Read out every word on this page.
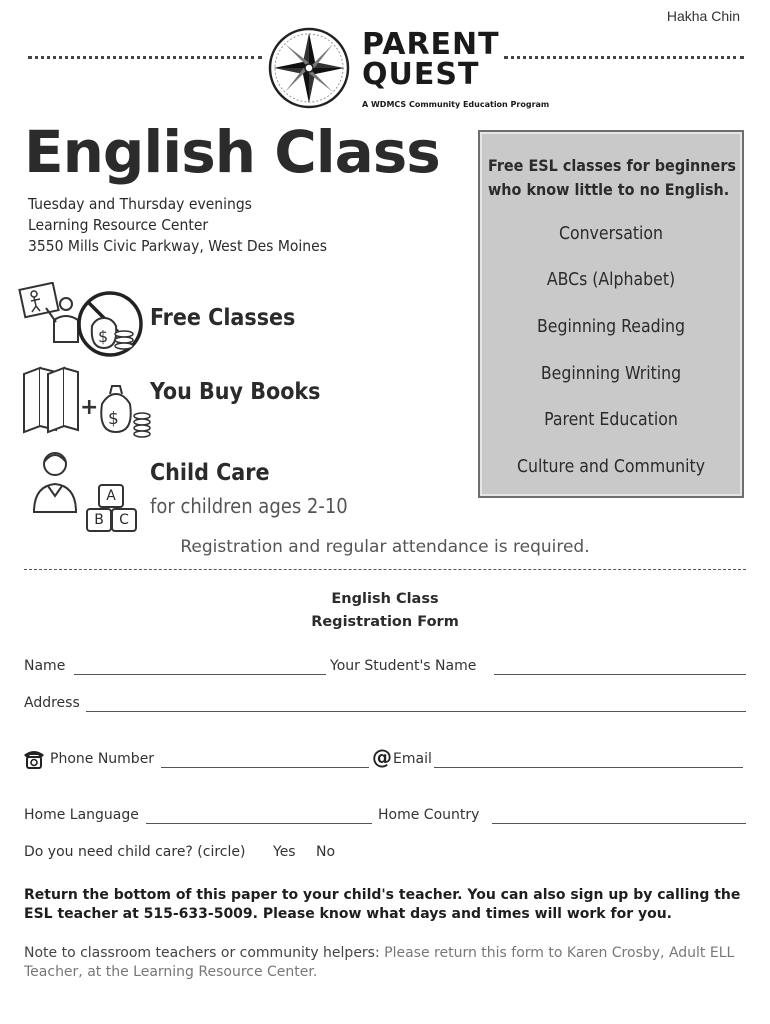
Hakha Chin
PARENT
QUEST
A WDMCS Community Education Program
English Class
Tuesday and Thursday evenings
Learning Resource Center
3550 Mills Civic Parkway, West Des Moines
$
Free Classes
+ $
You Buy Books
A
B	C
Child Care
for children ages 2-10
Free ESL classes for beginners
who know little to no English.
Conversation
ABCs (Alphabet)
Beginning Reading
Beginning Writing
Parent Education
Culture and Community
Registration and regular attendance is required.
English Class
Registration Form
Name	Your Student's Name
Address
Phone Number	@ Email
Home Language	Home Country
Do you need child care? (circle) Yes No
Return the bottom of this paper to your child's teacher. You can also sign up by calling the ESL teacher at 515-633-5009. Please know what days and times will work for you.
Note to classroom teachers or community helpers: Please return this form to Karen Crosby, Adult ELL Teacher, at the Learning Resource Center.
